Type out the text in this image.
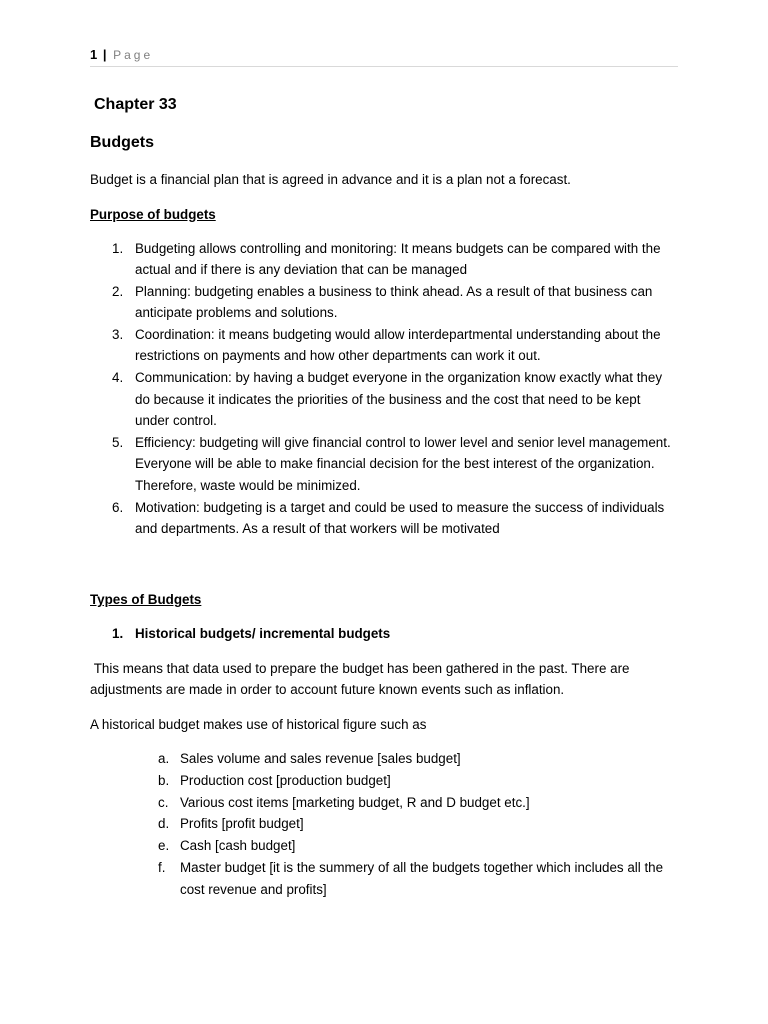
1 | Page
Chapter 33
Budgets

Budget is a financial plan that is agreed in advance and it is a plan not a forecast.

Purpose of budgets
1. Budgeting allows controlling and monitoring: It means budgets can be compared with the actual and if there is any deviation that can be managed
2. Planning: budgeting enables a business to think ahead. As a result of that business can anticipate problems and solutions.
3. Coordination: it means budgeting would allow interdepartmental understanding about the restrictions on payments and how other departments can work it out.
4. Communication: by having a budget everyone in the organization know exactly what they do because it indicates the priorities of the business and the cost that need to be kept under control.
5. Efficiency: budgeting will give financial control to lower level and senior level management. Everyone will be able to make financial decision for the best interest of the organization. Therefore, waste would be minimized.
6. Motivation: budgeting is a target and could be used to measure the success of individuals and departments. As a result of that workers will be motivated
Types of Budgets
1. Historical budgets/ incremental budgets

This means that data used to prepare the budget has been gathered in the past. There are adjustments are made in order to account future known events such as inflation.

A historical budget makes use of historical figure such as

a. Sales volume and sales revenue [sales budget]
b. Production cost [production budget]
c. Various cost items [marketing budget, R and D budget etc.]
d. Profits [profit budget]
e. Cash [cash budget]
f. Master budget [it is the summery of all the budgets together which includes all the cost revenue and profits]
